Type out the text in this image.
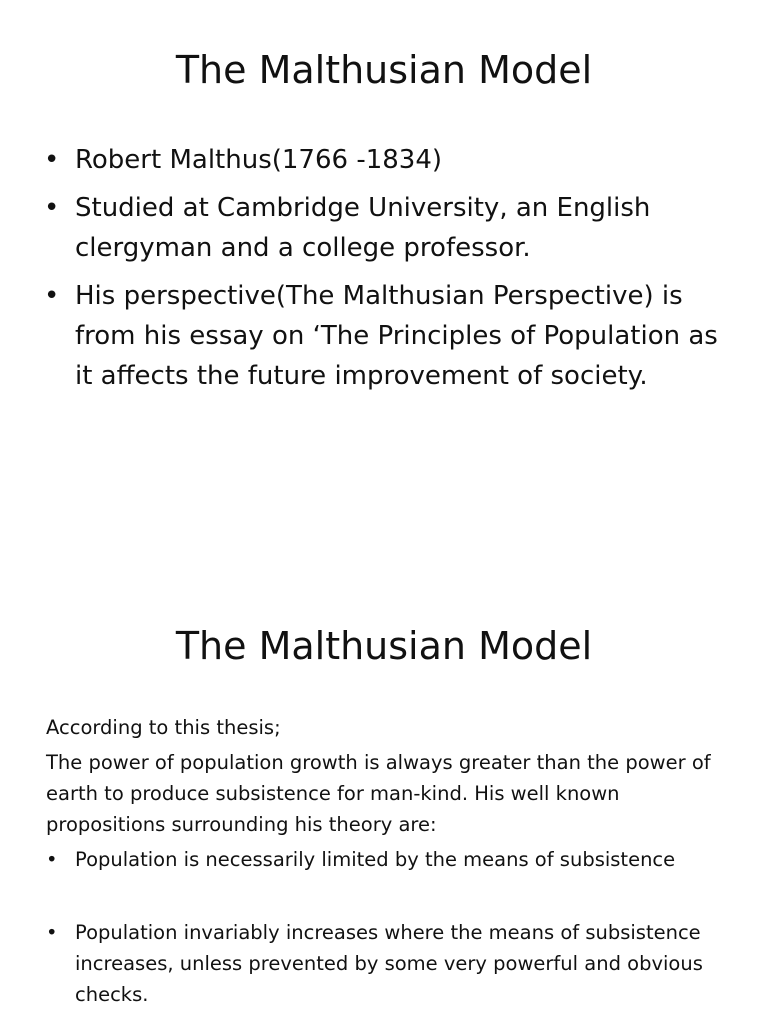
The Malthusian Model
• Robert Malthus(1766 -1834)
• Studied at Cambridge University, an English clergyman and a college professor.
• His perspective(The Malthusian Perspective) is from his essay on ‘The Principles of Population as it affects the future improvement of society.
The Malthusian Model

According to this thesis;

The power of population growth is always greater than the power of earth to produce subsistence for man-kind. His well known propositions surrounding his theory are:

• Population is necessarily limited by the means of subsistence
• Population invariably increases where the means of subsistence increases, unless prevented by some very powerful and obvious checks.
